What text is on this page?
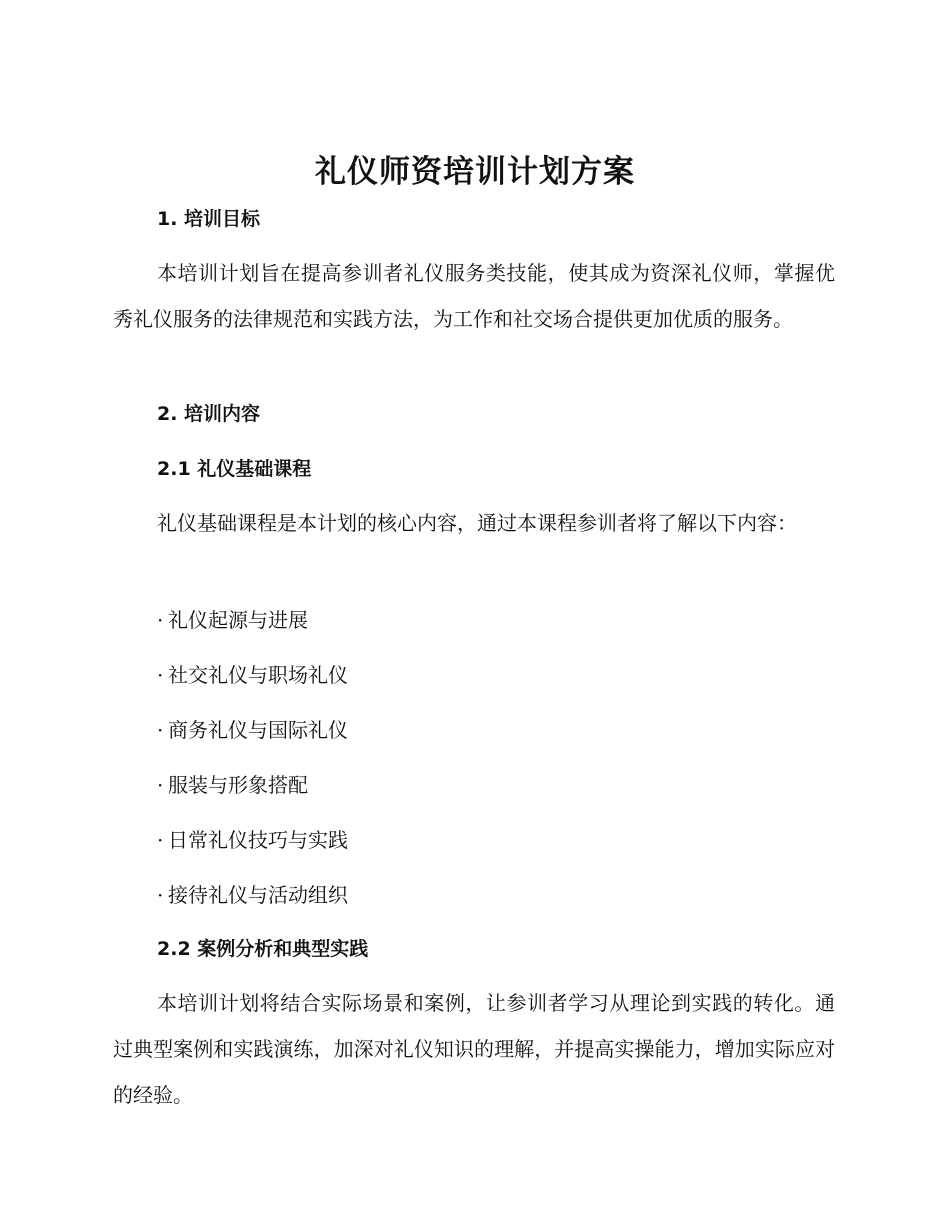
礼仪师资培训计划方案
1. 培训目标

本培训计划旨在提高参训者礼仪服务类技能，使其成为资深礼仪师，掌握优秀礼仪服务的法律规范和实践方法，为工作和社交场合提供更加优质的服务。

2. 培训内容
2.1 礼仪基础课程

礼仪基础课程是本计划的核心内容，通过本课程参训者将了解以下内容：

· 礼仪起源与进展

· 社交礼仪与职场礼仪

· 商务礼仪与国际礼仪

· 服装与形象搭配

· 日常礼仪技巧与实践

· 接待礼仪与活动组织

2.2 案例分析和典型实践

本培训计划将结合实际场景和案例，让参训者学习从理论到实践的转化。通过典型案例和实践演练，加深对礼仪知识的理解，并提高实操能力，增加实际应对的经验。
